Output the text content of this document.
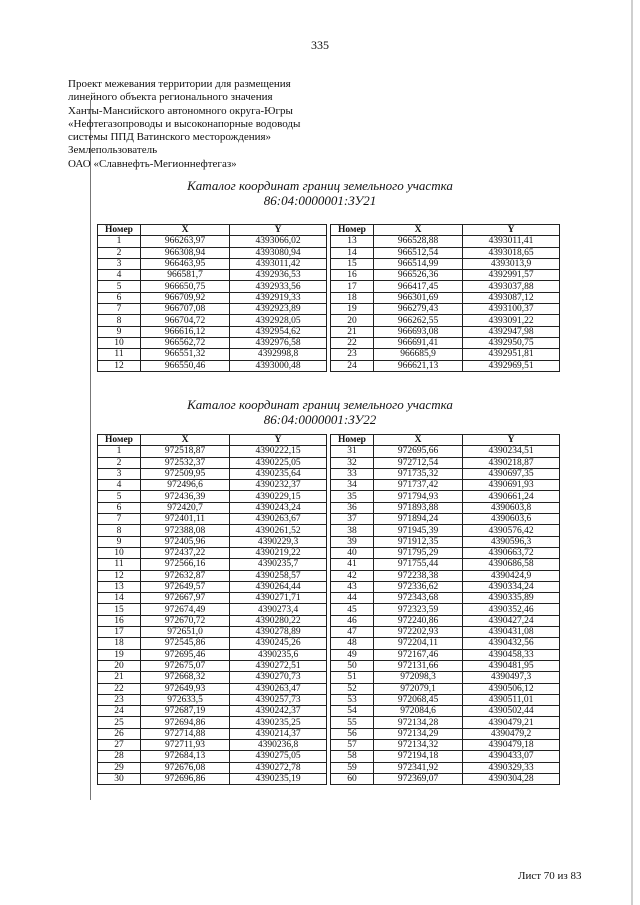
335
Проект межевания территории для размещения
линейного объекта регионального значения
Ханты-Мансийского автономного округа-Югры
«Нефтегазопроводы и высоконапорные водоводы
системы ППД Ватинского месторождения»
Землепользователь
ОАО «Славнефть-Мегионнефтегаз»
Каталог координат границ земельного участка
86:04:0000001:ЗУ21
Номер	X	Y
1	966263,97	4393066,02
2	966308,94	4393080,94
3	966463,95	4393011,42
4	966581,7	4392936,53
5	966650,75	4392933,56
6	966709,92	4392919,33
7	966707,08	4392923,89
8	966704,72	4392928,05
9	966616,12	4392954,62
10	966562,72	4392976,58
11	966551,32	4392998,8
12	966550,46	4393000,48
Номер	X	Y
13	966528,88	4393011,41
14	966512,54	4393018,65
15	966514,99	4393013,9
16	966526,36	4392991,57
17	966417,45	4393037,88
18	966301,69	4393087,12
19	966279,43	4393100,37
20	966262,55	4393091,22
21	966693,08	4392947,98
22	966691,41	4392950,75
23	966685,9	4392951,81
24	966621,13	4392969,51
Каталог координат границ земельного участка
86:04:0000001:ЗУ22
Номер	X	Y
1	972518,87	4390222,15
2	972532,37	4390225,05
3	972509,95	4390235,64
4	972496,6	4390232,37
5	972436,39	4390229,15
6	972420,7	4390243,24
7	972401,11	4390263,67
8	972388,08	4390261,52
9	972405,96	4390229,3
10	972437,22	4390219,22
11	972566,16	4390235,7
12	972632,87	4390258,57
13	972649,57	4390264,44
14	972667,97	4390271,71
15	972674,49	4390273,4
16	972670,72	4390280,22
17	972651,0	4390278,89
18	972545,86	4390245,26
19	972695,46	4390235,6
20	972675,07	4390272,51
21	972668,32	4390270,73
22	972649,93	4390263,47
23	972633,5	4390257,73
24	972687,19	4390242,37
25	972694,86	4390235,25
26	972714,88	4390214,37
27	972711,93	4390236,8
28	972684,13	4390275,05
29	972676,08	4390272,78
30	972696,86	4390235,19
Номер	X	Y
31	972695,66	4390234,51
32	972712,54	4390218,87
33	971735,32	4390697,35
34	971737,42	4390691,93
35	971794,93	4390661,24
36	971893,88	4390603,8
37	971894,24	4390603,6
38	971945,39	4390576,42
39	971912,35	4390596,3
40	971795,29	4390663,72
41	971755,44	4390686,58
42	972238,38	4390424,9
43	972336,62	4390334,24
44	972343,68	4390335,89
45	972323,59	4390352,46
46	972240,86	4390427,24
47	972202,93	4390431,08
48	972204,11	4390432,56
49	972167,46	4390458,33
50	972131,66	4390481,95
51	972098,3	4390497,3
52	972079,1	4390506,12
53	972068,45	4390511,01
54	972084,6	4390502,44
55	972134,28	4390479,21
56	972134,29	4390479,2
57	972134,32	4390479,18
58	972194,18	4390433,07
59	972341,92	4390329,33
60	972369,07	4390304,28
Лист 70 из 83
